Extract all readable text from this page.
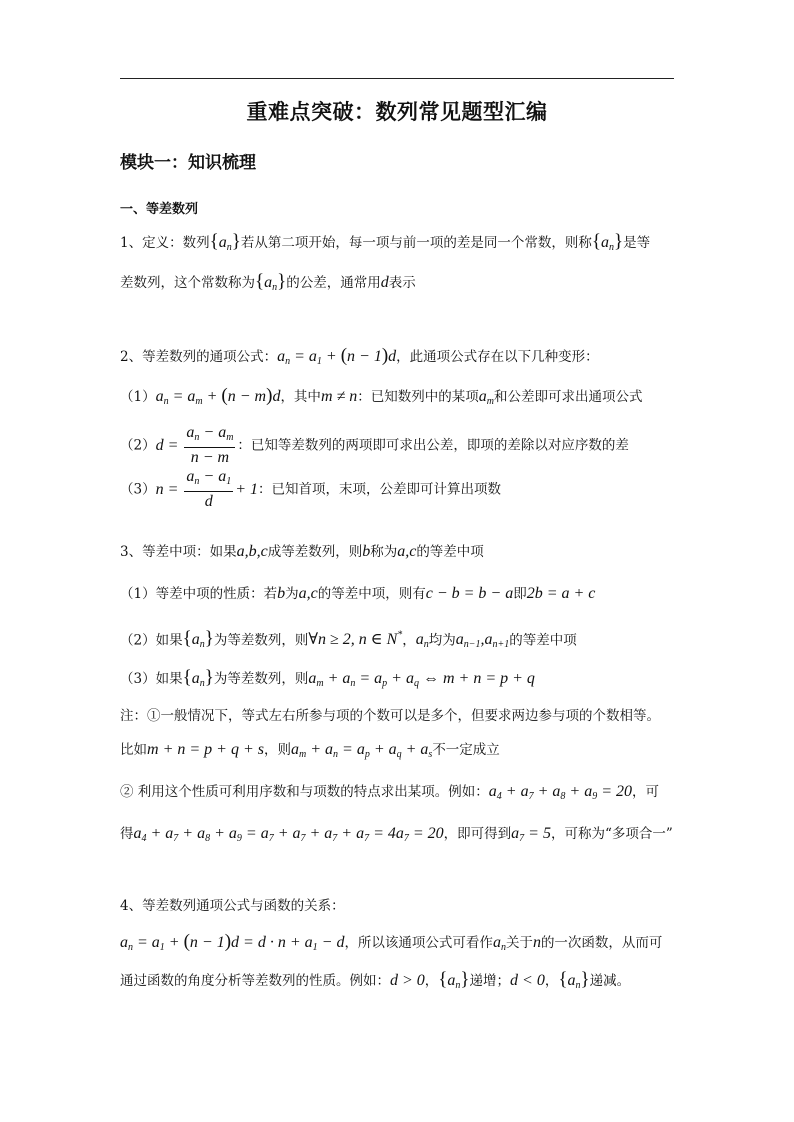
重难点突破：数列常见题型汇编
模块一：知识梳理
一、等差数列
1、定义：数列$\{a_n\}$若从第二项开始，每一项与前一项的差是同一个常数，则称$\{a_n\}$是等
差数列，这个常数称为$\{a_n\}$的公差，通常用d表示
2、等差数列的通项公式：$a_n = a_1 + (n - 1)d$，此通项公式存在以下几种变形：
$(1)a_n = a_m + (n - m)d$，其中m ≠ n：已知数列中的某项$a_m$和公差即可求出通项公式
$(2)d = \frac{a_n - a_m}{n - m}$ ：已知等差数列的两项即可求出公差，即项的差除以对应序数的差
$(3)n = \frac{a_n - a_1}{d} + 1$：已知首项，末项，公差即可计算出项数
3、等差中项：如果a,b,c成等差数列，则b称为a,c的等差中项
（1）等差中项的性质：若b为a,c的等差中项，则有c − b = b − a即2b = a + c
（2）如果$\{a_n\}$为等差数列，则∀n ≥ 2, n ∈ N*，$a_n$均为$a_{n-1},a_{n+1}$的等差中项
（3）如果$\{a_n\}$为等差数列，则$a_m + a_n = a_p + a_q$ ⇔ m + n = p + q
注：①一般情况下，等式左右所参与项的个数可以是多个，但要求两边参与项的个数相等。
比如m + n = p + q + s，则$a_m + a_n = a_p + a_q + a_s$不一定成立
② 利用这个性质可利用序数和与项数的特点求出某项。例如：$a_4 + a_7 + a_8 + a_9 = 20$，可
得$a_4 + a_7 + a_8 + a_9 = a_7 + a_7 + a_7 + a_7 = 4a_7 = 20$，即可得到$a_7 = 5$，可称为“多项合一”
4、等差数列通项公式与函数的关系：
$a_n = a_1 + (n - 1)d = d \cdot n + a_1 - d$，所以该通项公式可看作$a_n$关于n的一次函数，从而可
通过函数的角度分析等差数列的性质。例如：d > 0，$\{a_n\}$递增；d < 0，$\{a_n\}$递减。
